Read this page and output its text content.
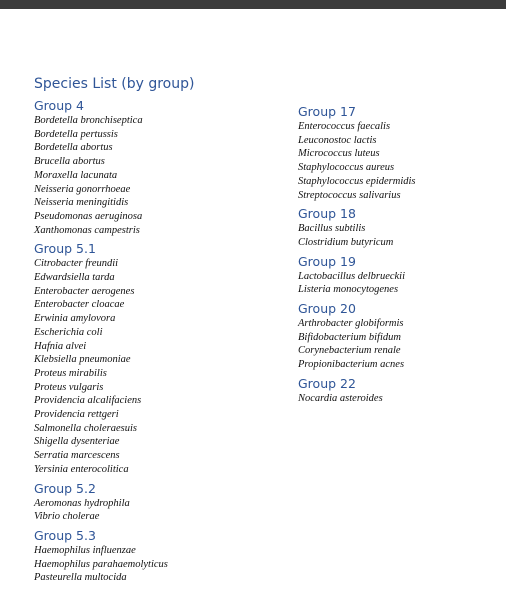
Species List (by group)
Group 4
Bordetella bronchiseptica
Bordetella pertussis
Bordetella abortus
Brucella abortus
Moraxella lacunata
Neisseria gonorrhoeae
Neisseria meningitidis
Pseudomonas aeruginosa
Xanthomonas campestris
Group 5.1
Citrobacter freundii
Edwardsiella tarda
Enterobacter aerogenes
Enterobacter cloacae
Erwinia amylovora
Escherichia coli
Hafnia alvei
Klebsiella pneumoniae
Proteus mirabilis
Proteus vulgaris
Providencia alcalifaciens
Providencia rettgeri
Salmonella choleraesuis
Shigella dysenteriae
Serratia marcescens
Yersinia enterocolitica
Group 5.2
Aeromonas hydrophila
Vibrio cholerae
Group 5.3
Haemophilus influenzae
Haemophilus parahaemolyticus
Pasteurella multocida
Group 17
Enterococcus faecalis
Leuconostoc lactis
Micrococcus luteus
Staphylococcus aureus
Staphylococcus epidermidis
Streptococcus salivarius
Group 18
Bacillus subtilis
Clostridium butyricum
Group 19
Lactobacillus delbrueckii
Listeria monocytogenes
Group 20
Arthrobacter globiformis
Bifidobacterium bifidum
Corynebacterium renale
Propionibacterium acnes
Group 22
Nocardia asteroides
